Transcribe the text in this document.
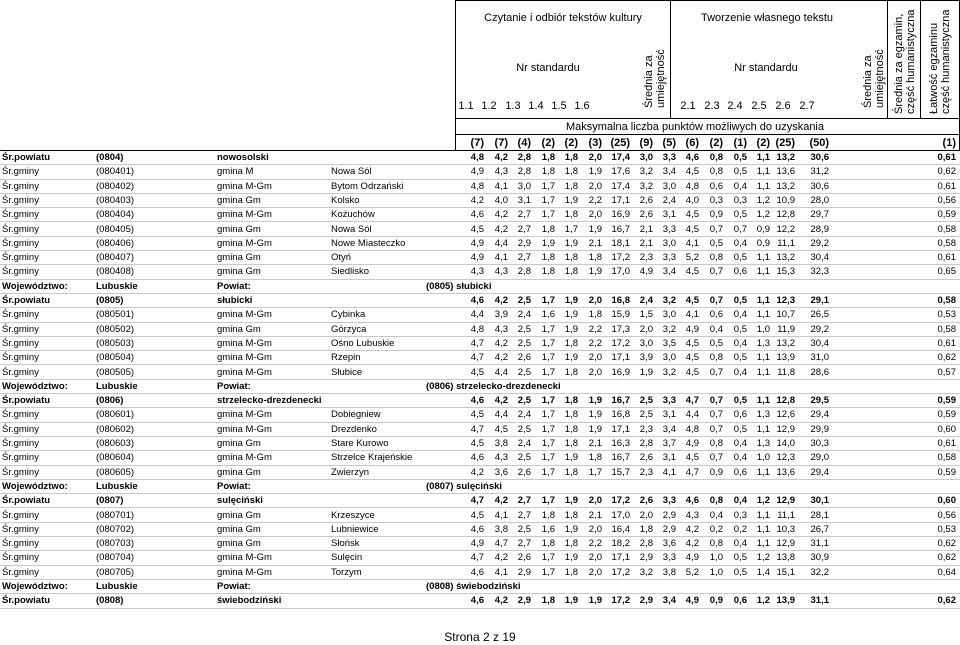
Czytanie i odbiór tekstów kultury	Tworzenie własnego tekstu
Nr standardu	Nr standardu
Średnia za umiejętność	Średnia za umiejętność Średnia za egzamin, część humanistyczna Łatwość egzaminu część humanistyczna
1.1 1.2 1.3 1.4 1.5 1.6	2.1 2.3 2.4 2.5 2.6 2.7
Maksymalna liczba punktów możliwych do uzyskania
(7) (7) (4) (2) (2) (3) (25) (9) (5) (6) (2) (1) (2) (25)	(50)	(1)
Śr.powiatu	(0804)	nowosolski	4,8	4,2	2,8	1,8	1,8	2,0	17,4	3,0	3,3	4,6	0,8	0,5	1,1 13,2	30,6	0,61
Śr.gminy	(080401)	gmina M	Nowa Sól	4,9	4,3	2,8	1,8	1,8	1,9	17,6	3,2	3,4	4,5	0,8	0,5	1,1 13,6	31,2	0,62
Śr.gminy	(080402)	gmina M-Gm	Bytom Odrzański	4,8	4,1	3,0	1,7	1,8	2,0	17,4	3,2	3,0	4,8	0,6	0,4	1,1 13,2	30,6	0,61
Śr.gminy	(080403)	gmina Gm	Kolsko	4,2	4,0	3,1	1,7	1,9	2,2	17,1	2,6	2,4	4,0	0,3	0,3	1,2 10,9	28,0	0,56
Śr.gminy	(080404)	gmina M-Gm	Kożuchów	4,6	4,2	2,7	1,7	1,8	2,0	16,9	2,6	3,1	4,5	0,9	0,5	1,2 12,8	29,7	0,59
Śr.gminy	(080405)	gmina Gm	Nowa Sól	4,5	4,2	2,7	1,8	1,7	1,9	16,7	2,1	3,3	4,5	0,7	0,7	0,9 12,2	28,9	0,58
Śr.gminy	(080406)	gmina M-Gm	Nowe Miasteczko	4,9	4,4	2,9	1,9	1,9	2,1	18,1	2,1	3,0	4,1	0,5	0,4	0,9 11,1	29,2	0,58
Śr.gminy	(080407)	gmina Gm	Otyń	4,9	4,1	2,7	1,8	1,8	1,8	17,2	2,3	3,3	5,2	0,8	0,5	1,1 13,2	30,4	0,61
Śr.gminy	(080408)	gmina Gm	Siedlisko	4,3	4,3	2,8	1,8	1,8	1,9	17,0	4,9	3,4	4,5	0,7	0,6	1,1 15,3	32,3	0,65
Województwo:	Lubuskie	Powiat:	(0805) słubicki
Śr.powiatu	(0805)	słubicki	4,6	4,2	2,5	1,7	1,9	2,0	16,8	2,4	3,2	4,5	0,7	0,5	1,1 12,3	29,1	0,58
Śr.gminy	(080501)	gmina M-Gm	Cybinka	4,4	3,9	2,4	1,6	1,9	1,8	15,9	1,5	3,0	4,1	0,6	0,4	1,1 10,7	26,5	0,53
Śr.gminy	(080502)	gmina Gm	Górzyca	4,8	4,3	2,5	1,7	1,9	2,2	17,3	2,0	3,2	4,9	0,4	0,5	1,0 11,9	29,2	0,58
Śr.gminy	(080503)	gmina M-Gm	Ośno Lubuskie	4,7	4,2	2,5	1,7	1,8	2,2	17,2	3,0	3,5	4,5	0,5	0,4	1,3 13,2	30,4	0,61
Śr.gminy	(080504)	gmina M-Gm	Rzepin	4,7	4,2	2,6	1,7	1,9	2,0	17,1	3,9	3,0	4,5	0,8	0,5	1,1 13,9	31,0	0,62
Śr.gminy	(080505)	gmina M-Gm	Słubice	4,5	4,4	2,5	1,7	1,8	2,0	16,9	1,9	3,2	4,5	0,7	0,4	1,1 11,8	28,6	0,57
Województwo:	Lubuskie	Powiat:	(0806) strzelecko-drezdenecki
Śr.powiatu	(0806)	strzelecko-drezdenecki	4,6	4,2	2,5	1,7	1,8	1,9	16,7	2,5	3,3	4,7	0,7	0,5	1,1 12,8	29,5	0,59
Śr.gminy	(080601)	gmina M-Gm	Dobiegniew	4,5	4,4	2,4	1,7	1,8	1,9	16,8	2,5	3,1	4,4	0,7	0,6	1,3 12,6	29,4	0,59
Śr.gminy	(080602)	gmina M-Gm	Drezdenko	4,7	4,5	2,5	1,7	1,8	1,9	17,1	2,3	3,4	4,8	0,7	0,5	1,1 12,9	29,9	0,60
Śr.gminy	(080603)	gmina Gm	Stare Kurowo	4,5	3,8	2,4	1,7	1,8	2,1	16,3	2,8	3,7	4,9	0,8	0,4	1,3 14,0	30,3	0,61
Śr.gminy	(080604)	gmina M-Gm	Strzelce Krajeńskie	4,6	4,3	2,5	1,7	1,9	1,8	16,7	2,6	3,1	4,5	0,7	0,4	1,0 12,3	29,0	0,58
Śr.gminy	(080605)	gmina Gm	Zwierzyn	4,2	3,6	2,6	1,7	1,8	1,7	15,7	2,3	4,1	4,7	0,9	0,6	1,1 13,6	29,4	0,59
Województwo:	Lubuskie	Powiat:	(0807) sulęciński
Śr.powiatu	(0807)	sulęciński	4,7	4,2	2,7	1,7	1,9	2,0	17,2	2,6	3,3	4,6	0,8	0,4	1,2 12,9	30,1	0,60
Śr.gminy	(080701)	gmina Gm	Krzeszyce	4,5	4,1	2,7	1,8	1,8	2,1	17,0	2,0	2,9	4,3	0,4	0,3	1,1 11,1	28,1	0,56
Śr.gminy	(080702)	gmina Gm	Lubniewice	4,6	3,8	2,5	1,6	1,9	2,0	16,4	1,8	2,9	4,2	0,2	0,2	1,1 10,3	26,7	0,53
Śr.gminy	(080703)	gmina Gm	Słońsk	4,9	4,7	2,7	1,8	1,8	2,2	18,2	2,8	3,6	4,2	0,8	0,4	1,1 12,9	31,1	0,62
Śr.gminy	(080704)	gmina M-Gm	Sulęcin	4,7	4,2	2,6	1,7	1,9	2,0	17,1	2,9	3,3	4,9	1,0	0,5	1,2 13,8	30,9	0,62
Śr.gminy	(080705)	gmina M-Gm	Torzym	4,6	4,1	2,9	1,7	1,8	2,0	17,2	3,2	3,8	5,2	1,0	0,5	1,4 15,1	32,2	0,64
Województwo:	Lubuskie	Powiat:	(0808) świebodziński
Śr.powiatu	(0808)	świebodziński	4,6	4,2	2,9	1,8	1,9	1,9	17,2	2,9	3,4	4,9	0,9	0,6	1,2 13,9	31,1	0,62
Strona 2 z 19
